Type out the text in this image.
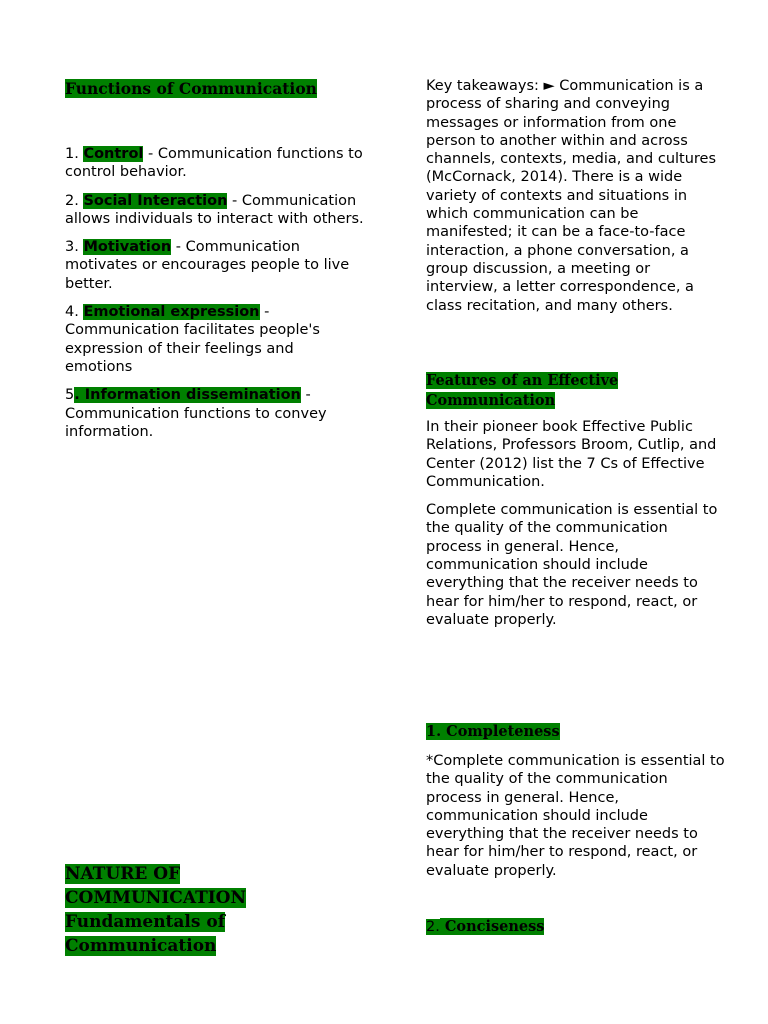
Functions of Communication

1. Control - Communication functions to control behavior.

2. Social Interaction - Communication allows individuals to interact with others.

3. Motivation - Communication motivates or encourages people to live better.

4. Emotional expression - Communication facilitates people's expression of their feelings and emotions

5. Information dissemination - Communication functions to convey information.

NATURE OF
COMMUNICATION
Fundamentals of
Communication

Key takeaways: ► Communication is a process of sharing and conveying messages or information from one person to another within and across channels, contexts, media, and cultures (McCornack, 2014). There is a wide variety of contexts and situations in which communication can be manifested; it can be a face-to-face interaction, a phone conversation, a group discussion, a meeting or interview, a letter correspondence, a class recitation, and many others.

Features of an Effective
Communication

In their pioneer book Effective Public Relations, Professors Broom, Cutlip, and Center (2012) list the 7 Cs of Effective Communication.

Complete communication is essential to the quality of the communication process in general. Hence, communication should include everything that the receiver needs to hear for him/her to respond, react, or evaluate properly.

1. Completeness

*Complete communication is essential to the quality of the communication process in general. Hence, communication should include everything that the receiver needs to hear for him/her to respond, react, or evaluate properly.

2. Conciseness
